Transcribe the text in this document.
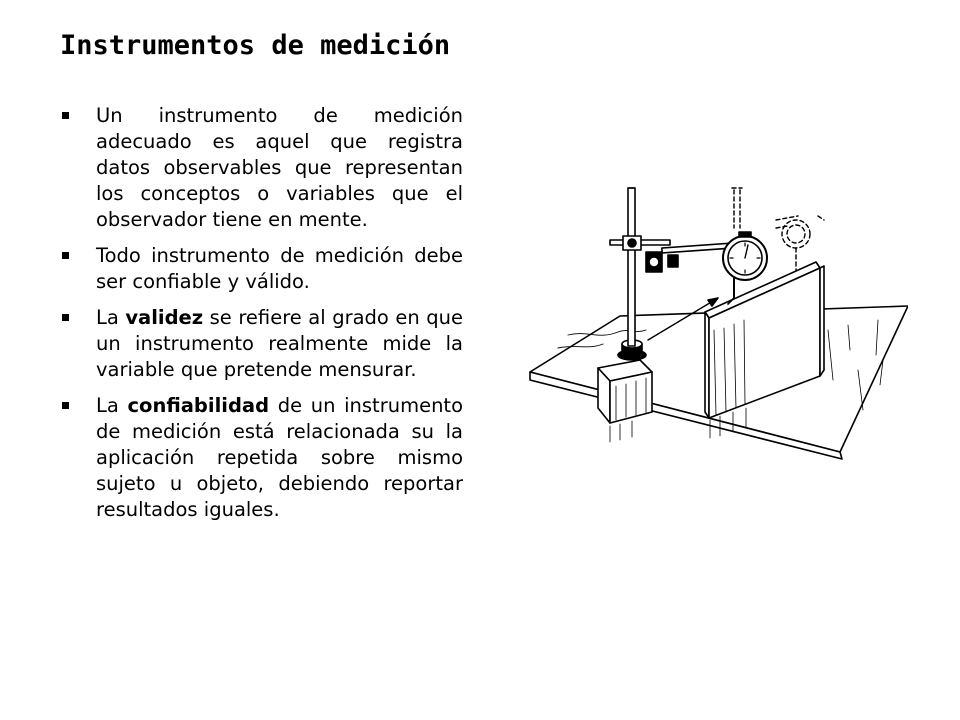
Instrumentos de medición
Un instrumento de medición adecuado es aquel que registra datos observables que representan los conceptos o variables que el observador tiene en mente.
Todo instrumento de medición debe ser confiable y válido.
La validez se refiere al grado en que un instrumento realmente mide la variable que pretende mensurar.
La confiabilidad de un instrumento de medición está relacionada su la aplicación repetida sobre mismo sujeto u objeto, debiendo reportar resultados iguales.
